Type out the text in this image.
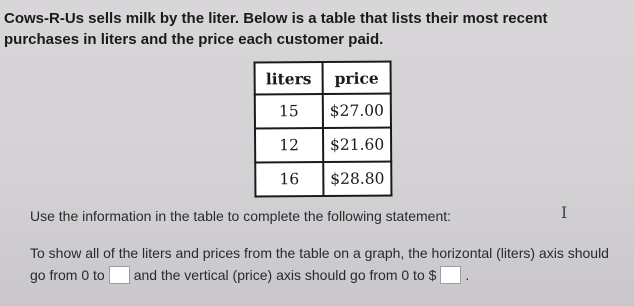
Cows-R-Us sells milk by the liter. Below is a table that lists their most recent purchases in liters and the price each customer paid.
liters	price
15	$27.00
12	$21.60
16	$28.80
Use the information in the table to complete the following statement:	I
To show all of the liters and prices from the table on a graph, the horizontal (liters) axis should go from 0 to and the vertical (price) axis should go from 0 to $ .
